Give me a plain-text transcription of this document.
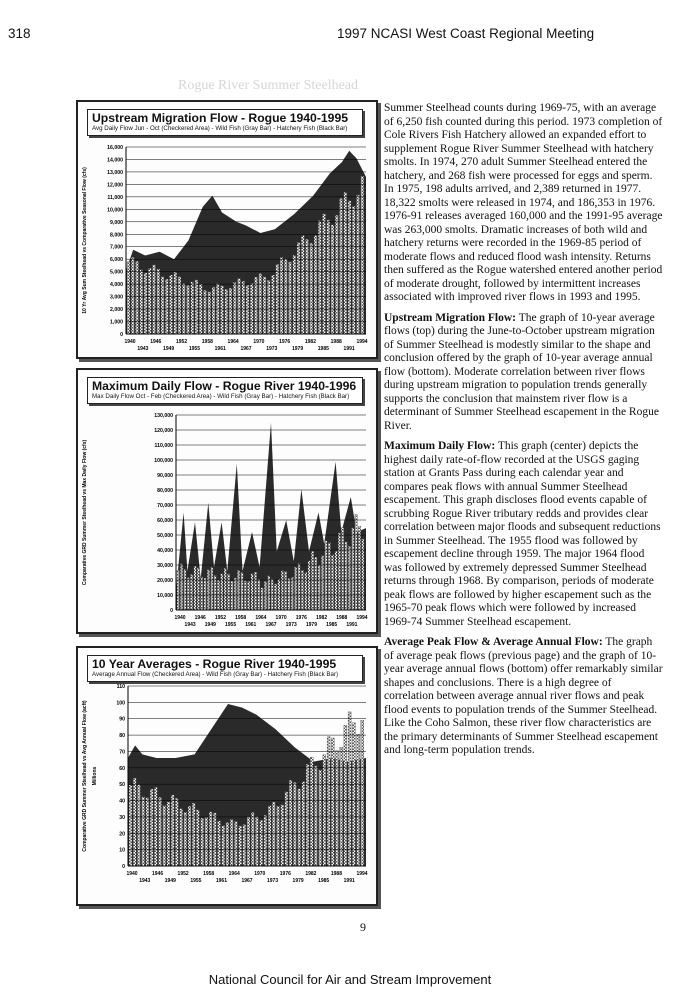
318	1997 NCASI West Coast Regional Meeting
Rogue River Summer Steelhead
16,000
14,000
13,000
12,000
11,000
10,000
9,000
8,000
7,000
6,000
5,000
4,000
3,000
2,000
1,000
0
1940	1946	1952	1958	1964	1970	1976	1982	1988	1994
1943	1949	1955	1961	1967	1973	1979	1985	1991
10 Yr Avg Sum Steelhead vs Comparative Seasonal Flow (cfs)
Upstream Migration Flow - Rogue 1940-1995
Avg Daily Flow Jun - Oct (Checkered Area) - Wild Fish (Gray Bar) - Hatchery Fish (Black Bar)
130,000
120,000
110,000
100,000
90,000
80,000
70,000
60,000
50,000
40,000
30,000
20,000
10,000
0
1940 1946 1952 1958 1964 1970 1976 1982 1988 1994
1943 1949 1955 1961 1967 1973 1979 1985 1991
Comparative GRD Summer Steelhead vs Max Daily Flow (cfs)
Maximum Daily Flow - Rogue River 1940-1996
Max Daily Flow Oct - Feb (Checkered Area) - Wild Fish (Gray Bar) - Hatchery Fish (Black Bar)
110
100
90
80
70
60
50
40
30
20
10
0
1940	1946	1952	1958	1964	1970	1976	1982	1988	1994
1943	1949	1955	1961	1967	1973	1979	1985	1991
Comparative GRD Summer Steelhead vs Avg Annual Flow (acft) Millions
10 Year Averages - Rogue River 1940-1995
Average Annual Flow (Checkered Area) - Wild Fish (Gray Bar) - Hatchery Fish (Black Bar)

Summer Steelhead counts during 1969-75, with an average of 6,250 fish counted during this period. 1973 completion of Cole Rivers Fish Hatchery allowed an expanded effort to supplement Rogue River Summer Steelhead with hatchery smolts. In 1974, 270 adult Summer Steelhead entered the hatchery, and 268 fish were processed for eggs and sperm. In 1975, 198 adults arrived, and 2,389 returned in 1977. 18,322 smolts were released in 1974, and 186,353 in 1976. 1976-91 releases averaged 160,000 and the 1991-95 average was 263,000 smolts. Dramatic increases of both wild and hatchery returns were recorded in the 1969-85 period of moderate flows and reduced flood wash intensity. Returns then suffered as the Rogue watershed entered another period of moderate drought, followed by intermittent increases associated with improved river flows in 1993 and 1995.

Upstream Migration Flow: The graph of 10-year average flows (top) during the June-to-October upstream migration of Summer Steelhead is modestly similar to the shape and conclusion offered by the graph of 10-year average annual flow (bottom). Moderate correlation between river flows during upstream migration to population trends generally supports the conclusion that mainstem river flow is a determinant of Summer Steelhead escapement in the Rogue River.

Maximum Daily Flow: This graph (center) depicts the highest daily rate-of-flow recorded at the USGS gaging station at Grants Pass during each calendar year and compares peak flows with annual Summer Steelhead escapement. This graph discloses flood events capable of scrubbing Rogue River tributary redds and provides clear correlation between major floods and subsequent reductions in Summer Steelhead. The 1955 flood was followed by escapement decline through 1959. The major 1964 flood was followed by extremely depressed Summer Steelhead returns through 1968. By comparison, periods of moderate peak flows are followed by higher escapement such as the 1965-70 peak flows which were followed by increased 1969-74 Summer Steelhead escapement.

Average Peak Flow & Average Annual Flow: The graph of average peak flows (previous page) and the graph of 10-year average annual flows (bottom) offer remarkably similar shapes and conclusions. There is a high degree of correlation between average annual river flows and peak flood events to population trends of the Summer Steelhead. Like the Coho Salmon, these river flow characteristics are the primary determinants of Summer Steelhead escapement and long-term population trends.

9
National Council for Air and Stream Improvement
